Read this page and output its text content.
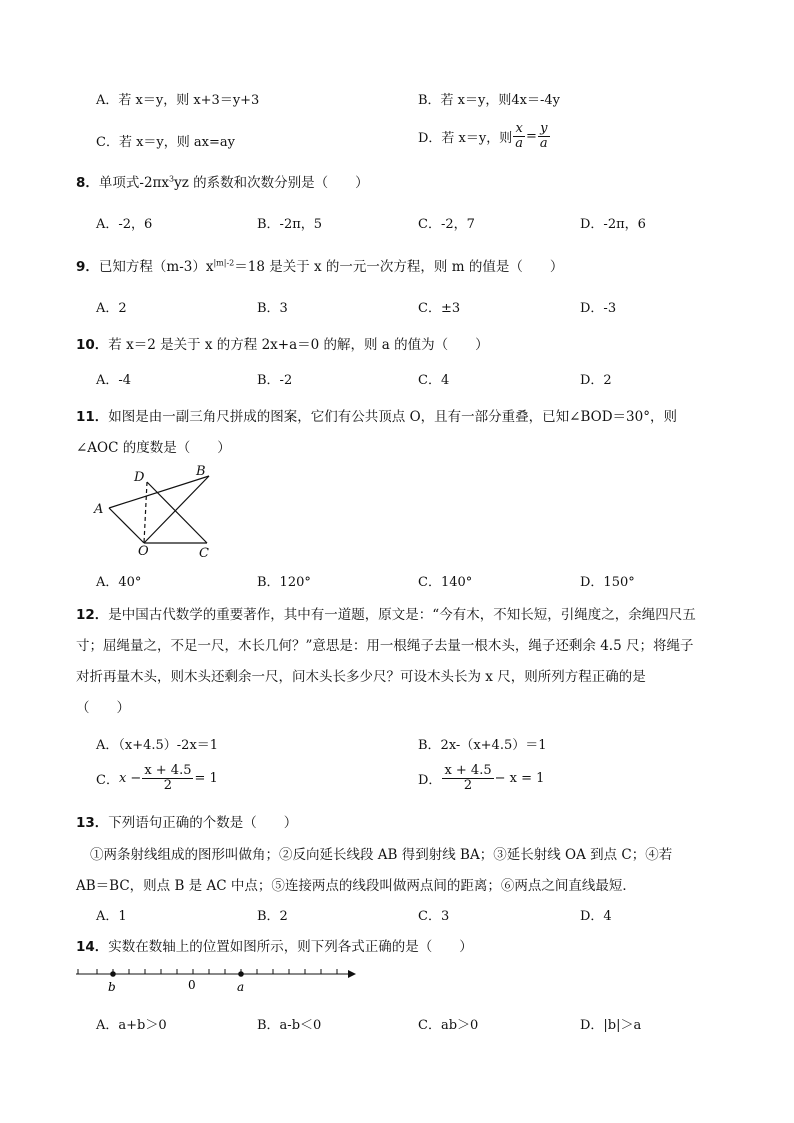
A．若 x＝y，则 x+3＝y+3	B．若 x＝y，则4x＝-4y
C．若 x＝y，则 ax=ay	D．若 x＝y，则 $\frac{x}{a} = \frac{y}{a}$
8．单项式$-2\pi x^3yz$ 的系数和次数分别是（　　）
A．-2，6	B．-2π，5	C．-2，7	D．-2π，6
9．已知方程$(m-3)x^{|m|-2}=18$ 是关于 x 的一元一次方程，则 m 的值是（　　）
A．2	B．3	C．±3	D．-3
10．若 x＝2 是关于 x 的方程 2x+a＝0 的解，则 a 的值为（　　）
A．-4	B．-2	C．4	D．2
11．如图是由一副三角尺拼成的图案，它们有公共顶点 O，且有一部分重叠，已知∠BOD＝30°，则
∠AOC 的度数是（　　）
A
B
C
D
O
A．40°	B．120°	C．140°	D．150°
12．是中国古代数学的重要著作，其中有一道题，原文是：“今有木，不知长短，引绳度之，余绳四尺五
寸；屈绳量之，不足一尺，木长几何？”意思是：用一根绳子去量一根木头，绳子还剩余 4.5 尺；将绳子
对折再量木头，则木头还剩余一尺，问木头长多少尺？可设木头长为 x 尺，则所列方程正确的是
（　　）
A．（x+4.5）-2x＝1	B．2x-（x+4.5）＝1
C． $x - \frac{x + 4.5}{2} = 1$	D． $\frac{x + 4.5}{2} - x = 1$
13．下列语句正确的个数是（　　）
①两条射线组成的图形叫做角；②反向延长线段 AB 得到射线 BA；③延长射线 OA 到点 C；④若
AB＝BC，则点 B 是 AC 中点；⑤连接两点的线段叫做两点间的距离；⑥两点之间直线最短．
A．1	B．2	C．3	D．4
14．实数在数轴上的位置如图所示，则下列各式正确的是（　　）
b	0	a
A．a+b＞0	B．a-b＜0	C．ab＞0	D．|b|＞a
